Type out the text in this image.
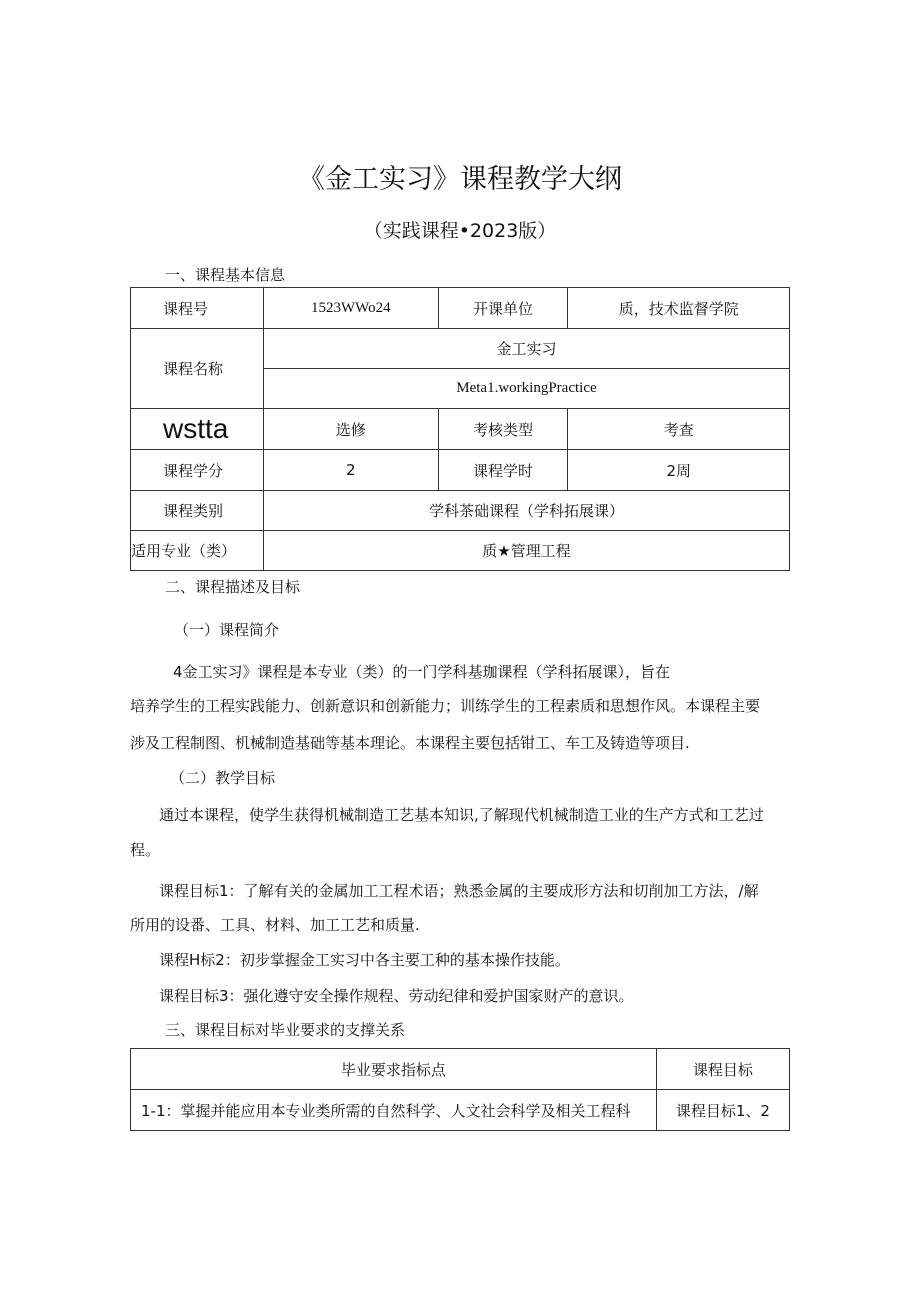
《金工实习》课程教学大纲
（实践课程•2023版）
一、课程基本信息
课程号	1523WWo24	开课单位	质，技术监督学院
课程名称	金工实习		
	Meta1.workingPractice		
wstta	选修	考核类型	考查
课程学分	2	课程学时	2周
课程类别	学科茶础课程（学科拓展课）		
适用专业（类）	质★管理工程		
二、课程描述及目标
（一）课程简介
4金工实习》课程是本专业（类）的一门学科基珈课程（学科拓展课），旨在
培养学生的工程实践能力、创新意识和创新能力；训练学生的工程素质和思想作风。本课程主要
涉及工程制图、机械制造基础等基本理论。本课程主要包括钳工、车工及铸造等项目.
（二）教学目标
通过本课程，使学生获得机械制造工艺基本知识,了解现代机械制造工业的生产方式和工艺过
程。
课程目标1：了解有关的金属加工工程术语；熟悉金属的主要成形方法和切削加工方法，/解
所用的设番、工具、材料、加工工艺和质量.
课程H标2：初步掌握金工实习中各主要工种的基本操作技能。
课程目标3：强化遵守安全操作规程、劳动纪律和爱护国家财产的意识。
三、课程目标对毕业要求的支撑关系
毕业要求指标点	课程目标
1-1：掌握并能应用本专业类所需的自然科学、人文社会科学及相关工程科	课程目标1、2
